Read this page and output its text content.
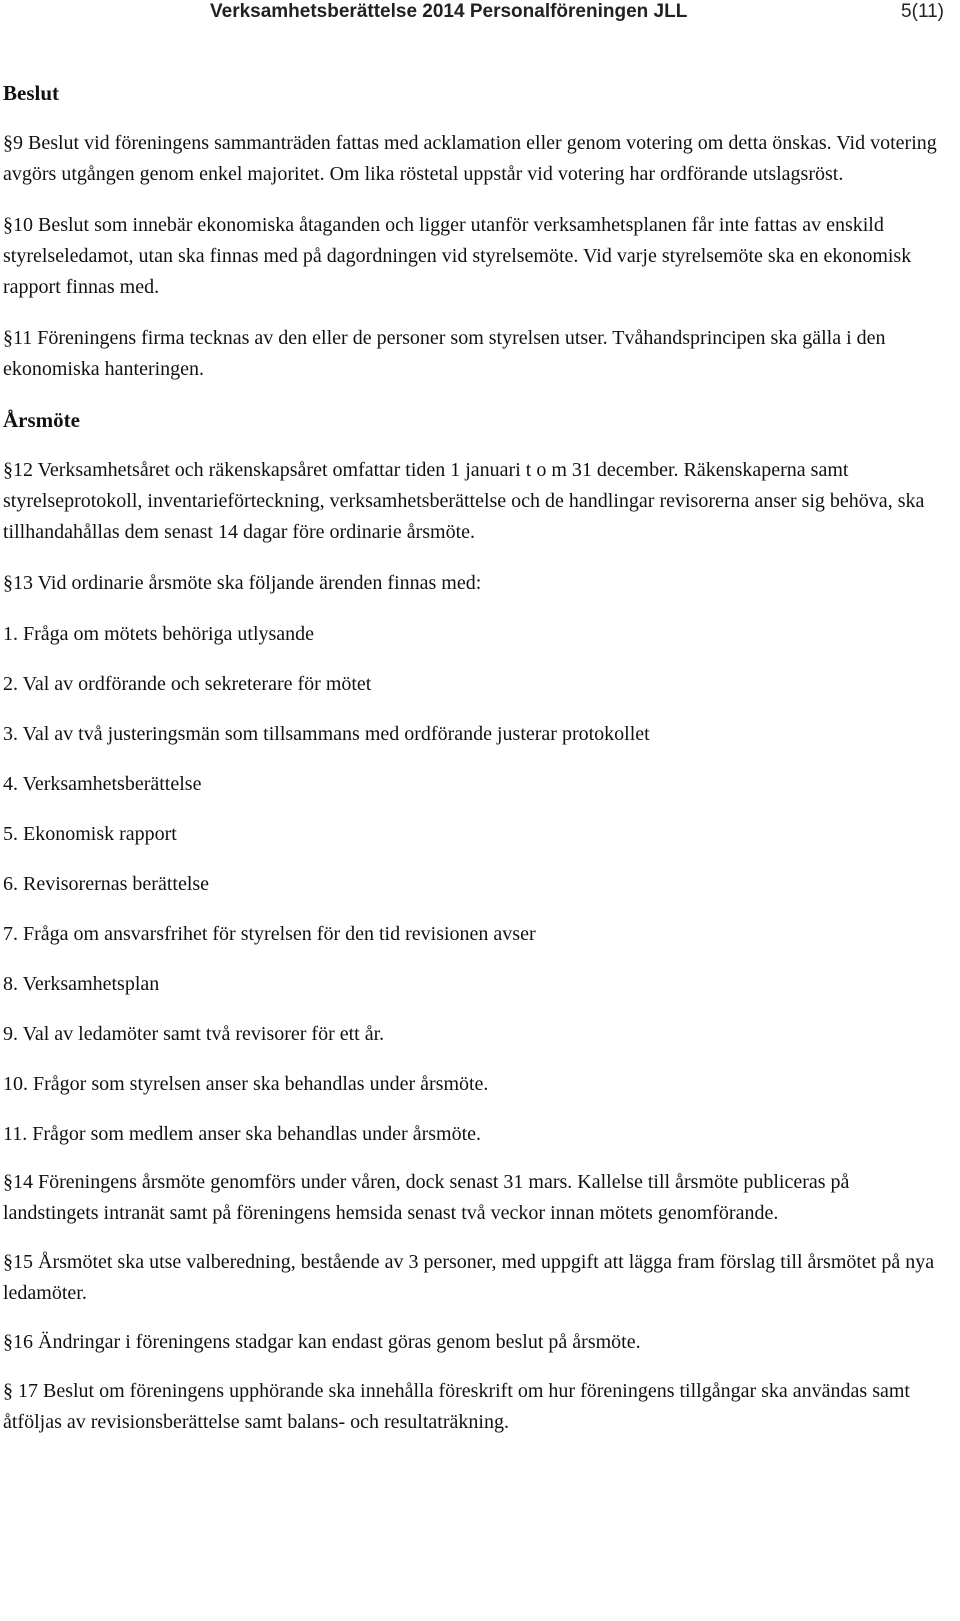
Verksamhetsberättelse 2014 Personalföreningen JLL	5(11)
Beslut

§9 Beslut vid föreningens sammanträden fattas med acklamation eller genom votering om detta önskas. Vid votering avgörs utgången genom enkel majoritet. Om lika röstetal uppstår vid votering har ordförande utslagsröst.

§10 Beslut som innebär ekonomiska åtaganden och ligger utanför verksamhetsplanen får inte fattas av enskild styrelseledamot, utan ska finnas med på dagordningen vid styrelsemöte. Vid varje styrelsemöte ska en ekonomisk rapport finnas med.

§11 Föreningens firma tecknas av den eller de personer som styrelsen utser. Tvåhandsprincipen ska gälla i den ekonomiska hanteringen.

Årsmöte

§12 Verksamhetsåret och räkenskapsåret omfattar tiden 1 januari t o m 31 december. Räkenskaperna samt styrelseprotokoll, inventarieförteckning, verksamhetsberättelse och de handlingar revisorerna anser sig behöva, ska tillhandahållas dem senast 14 dagar före ordinarie årsmöte.

§13 Vid ordinarie årsmöte ska följande ärenden finnas med:

1. Fråga om mötets behöriga utlysande

2. Val av ordförande och sekreterare för mötet

3. Val av två justeringsmän som tillsammans med ordförande justerar protokollet

4. Verksamhetsberättelse

5. Ekonomisk rapport

6. Revisorernas berättelse

7. Fråga om ansvarsfrihet för styrelsen för den tid revisionen avser

8. Verksamhetsplan

9. Val av ledamöter samt två revisorer för ett år.

10. Frågor som styrelsen anser ska behandlas under årsmöte.

11. Frågor som medlem anser ska behandlas under årsmöte.

§14 Föreningens årsmöte genomförs under våren, dock senast 31 mars. Kallelse till årsmöte publiceras på landstingets intranät samt på föreningens hemsida senast två veckor innan mötets genomförande.

§15 Årsmötet ska utse valberedning, bestående av 3 personer, med uppgift att lägga fram förslag till årsmötet på nya ledamöter.

§16 Ändringar i föreningens stadgar kan endast göras genom beslut på årsmöte.

§ 17 Beslut om föreningens upphörande ska innehålla föreskrift om hur föreningens tillgångar ska användas samt åtföljas av revisionsberättelse samt balans- och resultaträkning.
